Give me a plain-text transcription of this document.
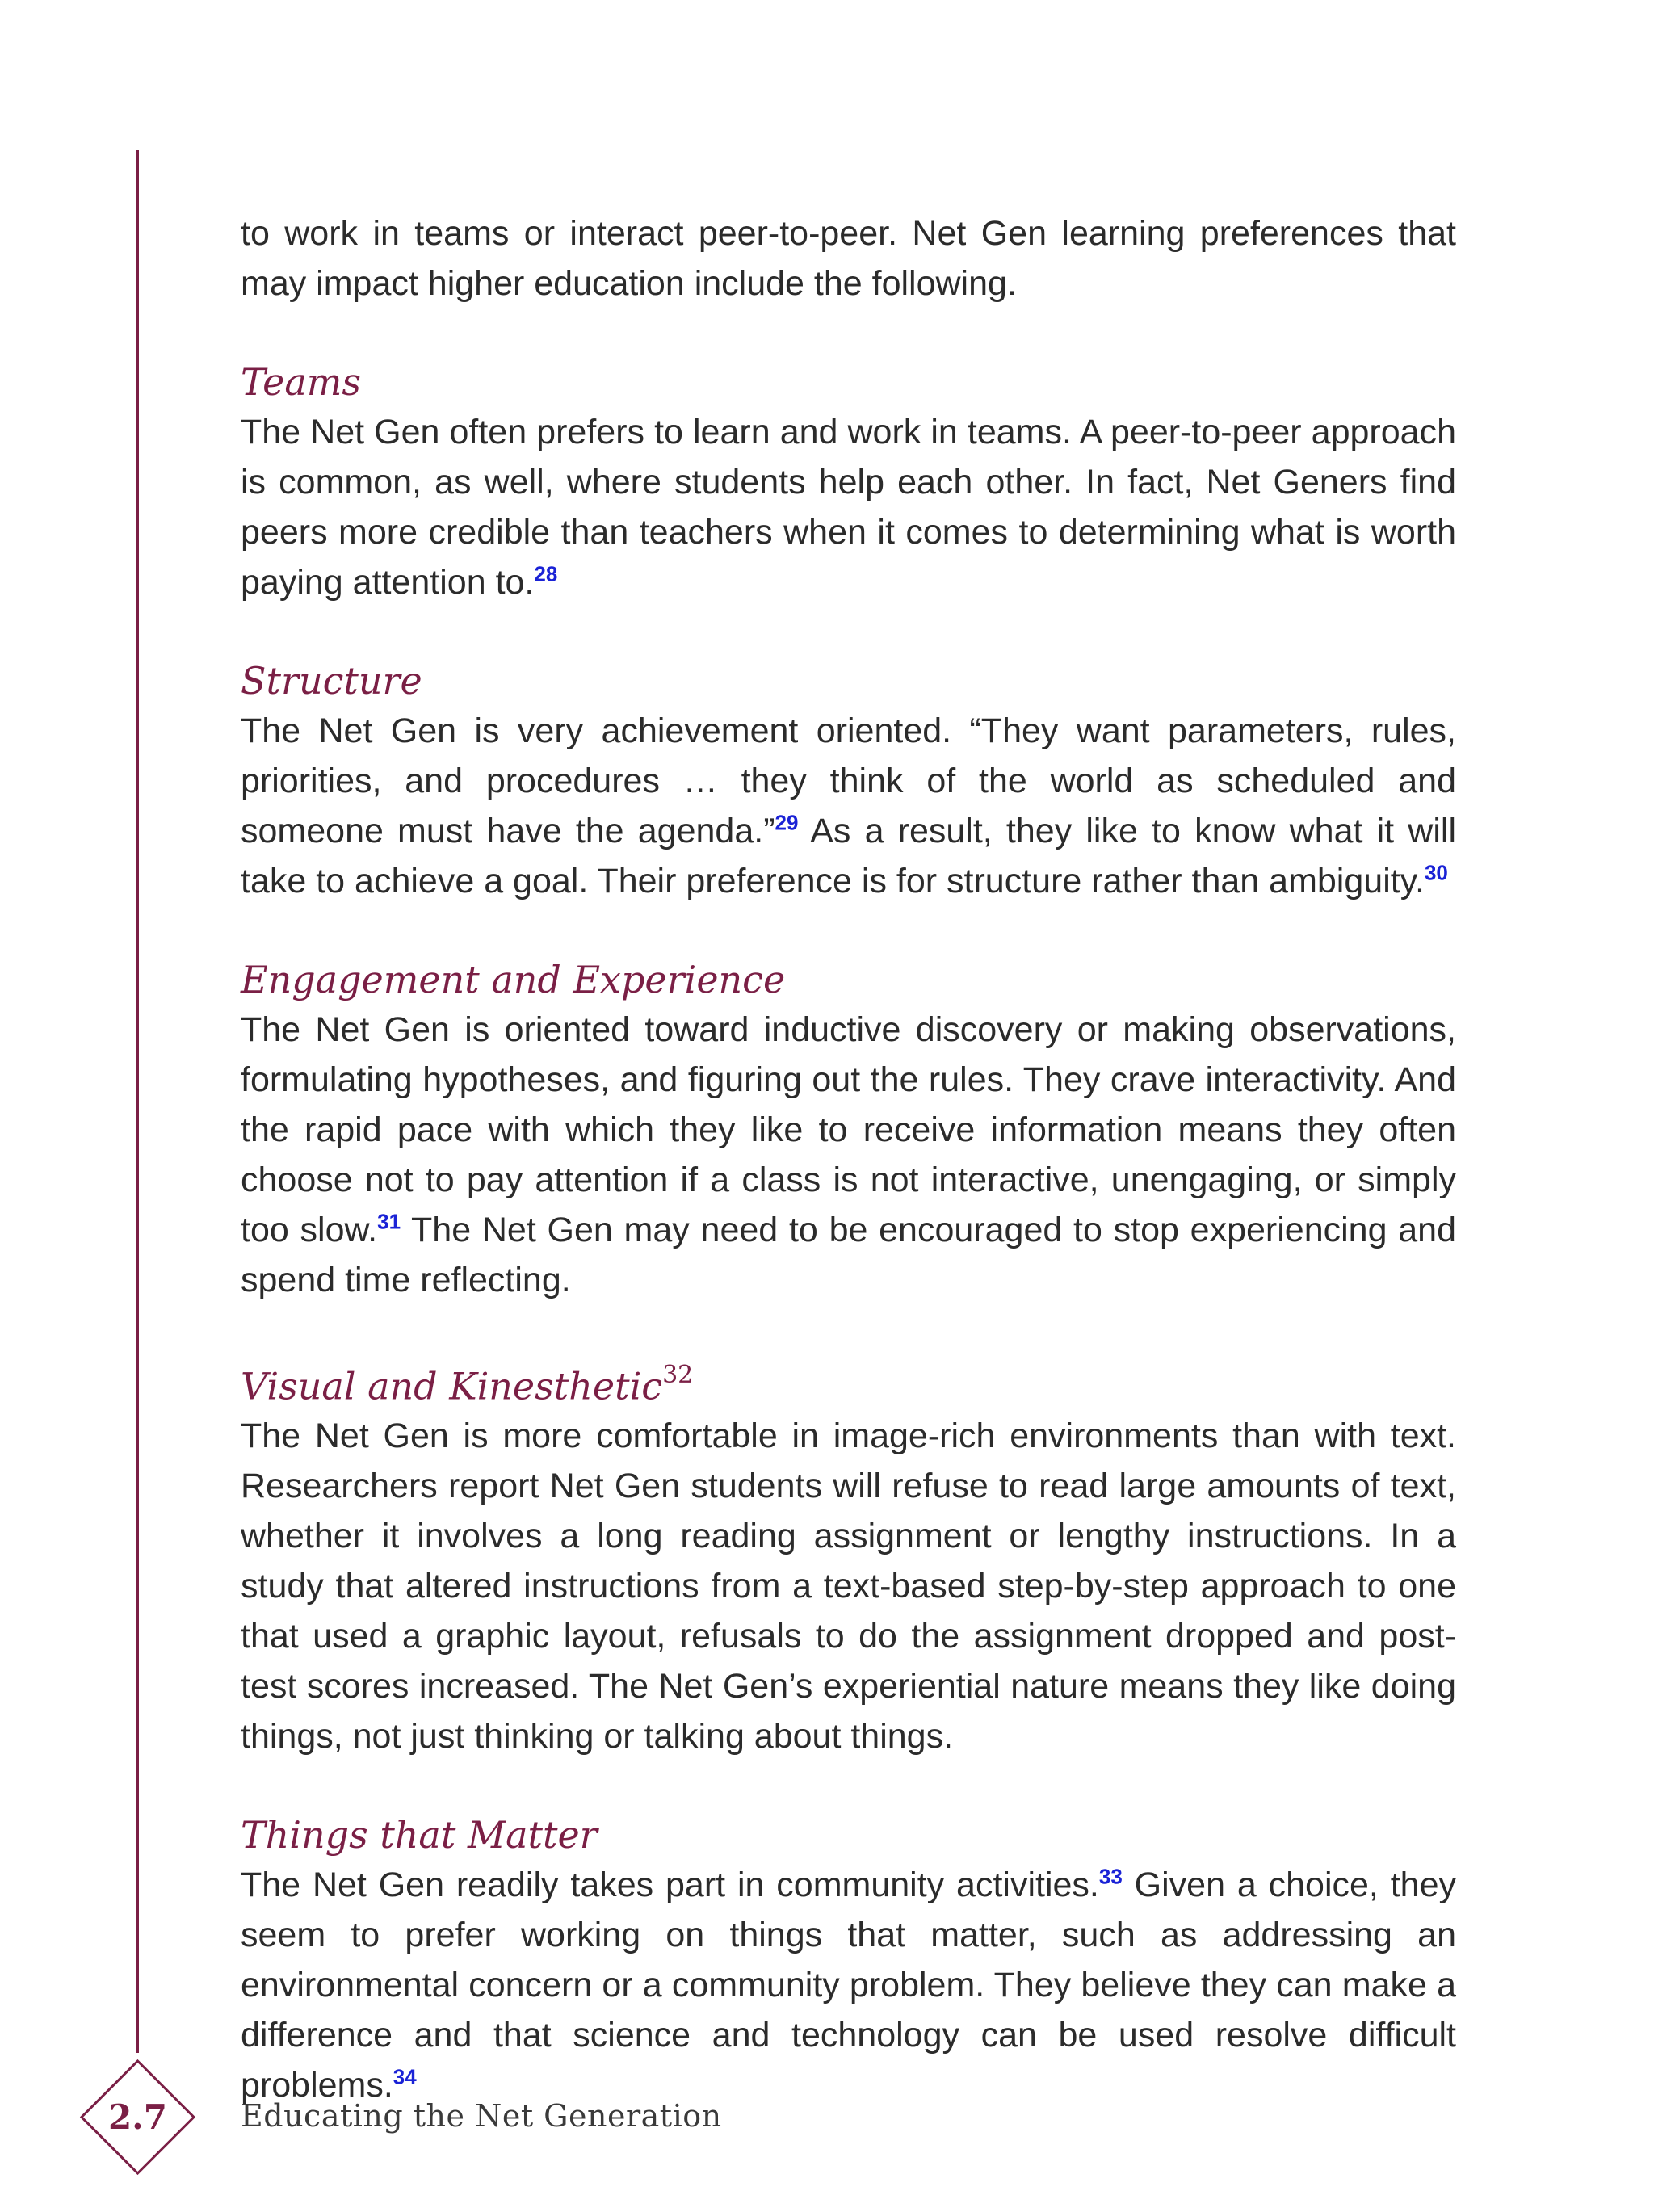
to work in teams or interact peer-to-peer. Net Gen learning preferences that may impact higher education include the following.

Teams

The Net Gen often prefers to learn and work in teams. A peer-to-peer approach is common, as well, where students help each other. In fact, Net Geners find peers more credible than teachers when it comes to determining what is worth paying attention to.$^{28}$

Structure

The Net Gen is very achievement oriented. “They want parameters, rules, priorities, and procedures … they think of the world as scheduled and someone must have the agenda.”$^{29}$ As a result, they like to know what it will take to achieve a goal. Their preference is for structure rather than ambiguity.$^{30}$

Engagement and Experience

The Net Gen is oriented toward inductive discovery or making observations, formulating hypotheses, and figuring out the rules. They crave interactivity. And the rapid pace with which they like to receive information means they often choose not to pay attention if a class is not interactive, unengaging, or simply too slow.$^{31}$ The Net Gen may need to be encouraged to stop experiencing and spend time reflecting.

Visual and Kinesthetic$^{32}$

The Net Gen is more comfortable in image-rich environments than with text. Researchers report Net Gen students will refuse to read large amounts of text, whether it involves a long reading assignment or lengthy instructions. In a study that altered instructions from a text-based step-by-step approach to one that used a graphic layout, refusals to do the assignment dropped and post-test scores increased. The Net Gen’s experiential nature means they like doing things, not just thinking or talking about things.

Things that Matter

The Net Gen readily takes part in community activities.$^{33}$ Given a choice, they seem to prefer working on things that matter, such as addressing an environmental concern or a community problem. They believe they can make a difference and that science and technology can be used resolve difficult problems.$^{34}$

2.7	Educating the Net Generation
